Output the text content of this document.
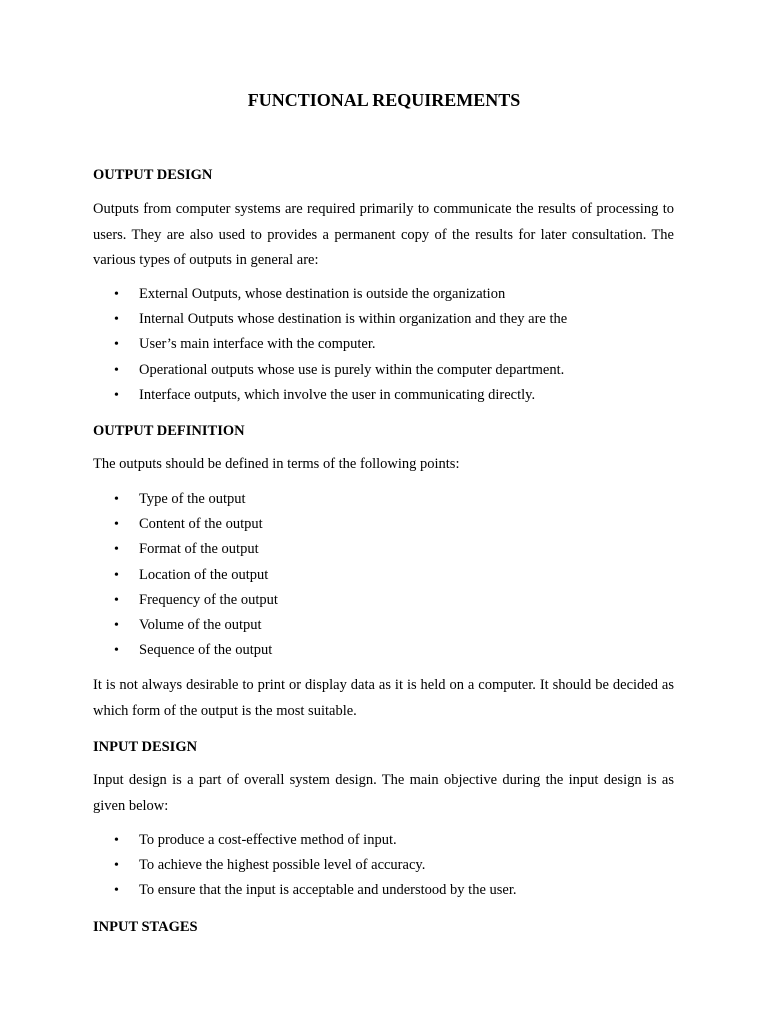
FUNCTIONAL REQUIREMENTS
OUTPUT DESIGN

Outputs from computer systems are required primarily to communicate the results of processing to users. They are also used to provides a permanent copy of the results for later consultation. The various types of outputs in general are:

• External Outputs, whose destination is outside the organization
• Internal Outputs whose destination is within organization and they are the
• User’s main interface with the computer.
• Operational outputs whose use is purely within the computer department.
• Interface outputs, which involve the user in communicating directly.
OUTPUT DEFINITION

The outputs should be defined in terms of the following points:

• Type of the output
• Content of the output
• Format of the output
• Location of the output
• Frequency of the output
• Volume of the output
• Sequence of the output

It is not always desirable to print or display data as it is held on a computer. It should be decided as which form of the output is the most suitable.

INPUT DESIGN

Input design is a part of overall system design. The main objective during the input design is as given below:

• To produce a cost-effective method of input.
• To achieve the highest possible level of accuracy.
• To ensure that the input is acceptable and understood by the user.
INPUT STAGES
